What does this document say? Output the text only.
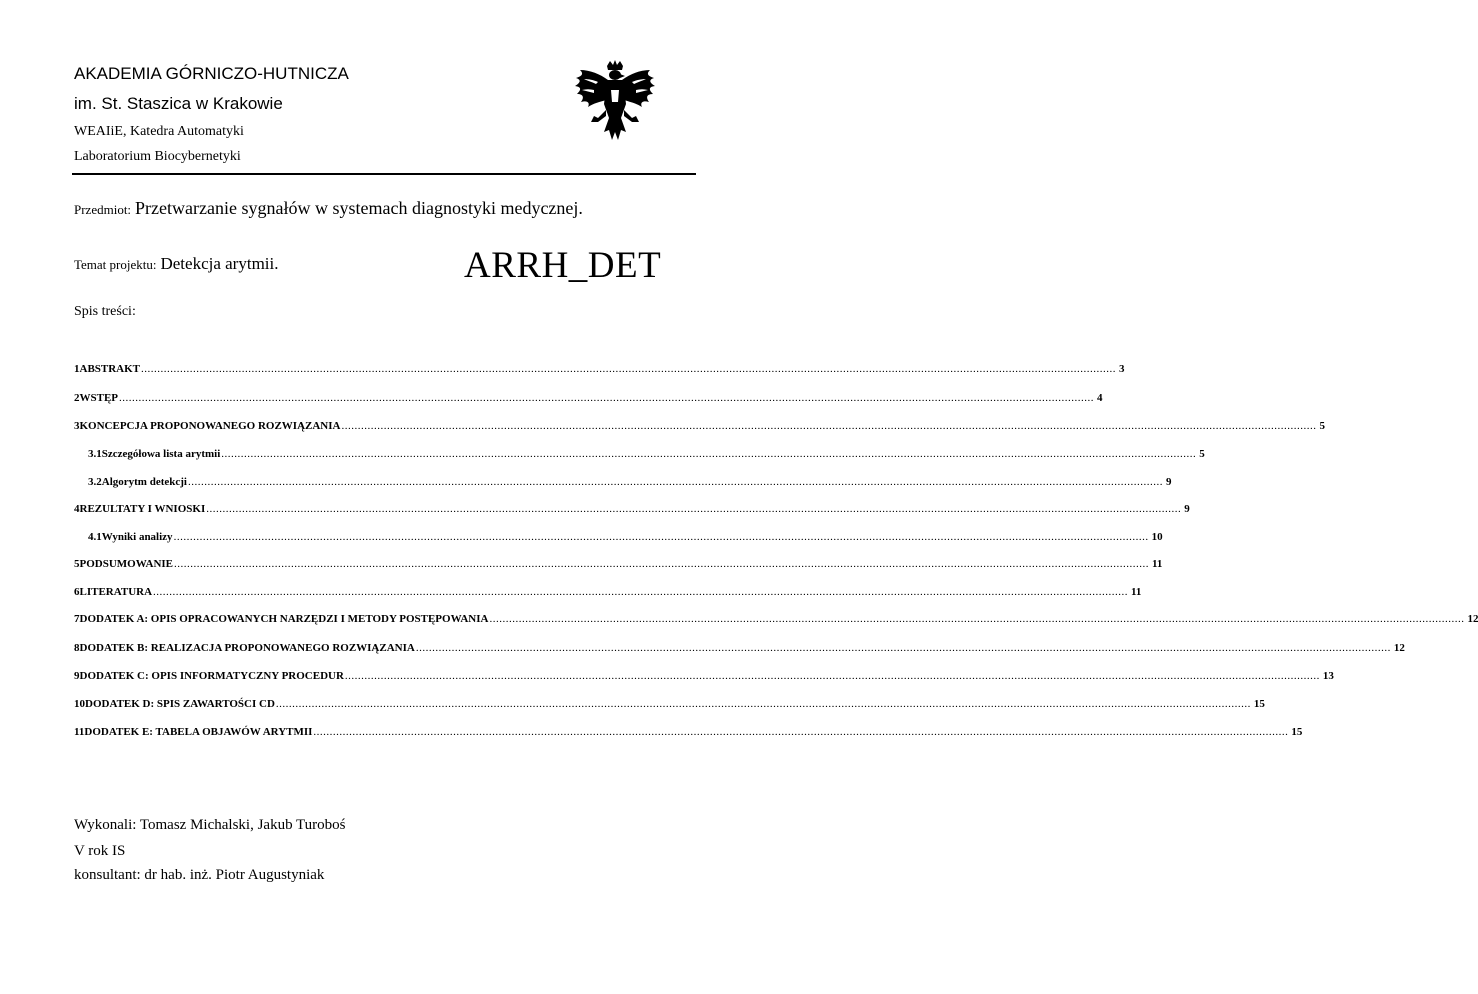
AKADEMIA GÓRNICZO-HUTNICZA
im. St. Staszica w Krakowie
WEAIiE, Katedra Automatyki
Laboratorium Biocybernetyki
Przedmiot: Przetwarzanie sygnałów w systemach diagnostyki medycznej.
Temat projektu: Detekcja arytmii.	ARRH_DET
Spis treści:
1 ABSTRAKT ............................................................................................................................................................................................................................................................................................................ 3
2 WSTĘP ............................................................................................................................................................................................................................................................................................................ 4
3 KONCEPCJA PROPONOWANEGO ROZWIĄZANIA ............................................................................................................................................................................................................................................................................................................ 5
3.1 Szczegółowa lista arytmii ............................................................................................................................................................................................................................................................................................................ 5
3.2 Algorytm detekcji ............................................................................................................................................................................................................................................................................................................ 9
4 REZULTATY I WNIOSKI ............................................................................................................................................................................................................................................................................................................ 9
4.1 Wyniki analizy ............................................................................................................................................................................................................................................................................................................ 10
5 PODSUMOWANIE ............................................................................................................................................................................................................................................................................................................ 11
6 LITERATURA ............................................................................................................................................................................................................................................................................................................ 11
7 DODATEK A: OPIS OPRACOWANYCH NARZĘDZI I METODY POSTĘPOWANIA ............................................................................................................................................................................................................................................................................................................ 12
8 DODATEK B: REALIZACJA PROPONOWANEGO ROZWIĄZANIA ............................................................................................................................................................................................................................................................................................................ 12
9 DODATEK C: OPIS INFORMATYCZNY PROCEDUR ............................................................................................................................................................................................................................................................................................................ 13
10 DODATEK D: SPIS ZAWARTOŚCI CD ............................................................................................................................................................................................................................................................................................................ 15
11 DODATEK E: TABELA OBJAWÓW ARYTMII ............................................................................................................................................................................................................................................................................................................ 15
Wykonali: Tomasz Michalski, Jakub Turoboś
V rok IS
konsultant: dr hab. inż. Piotr Augustyniak
